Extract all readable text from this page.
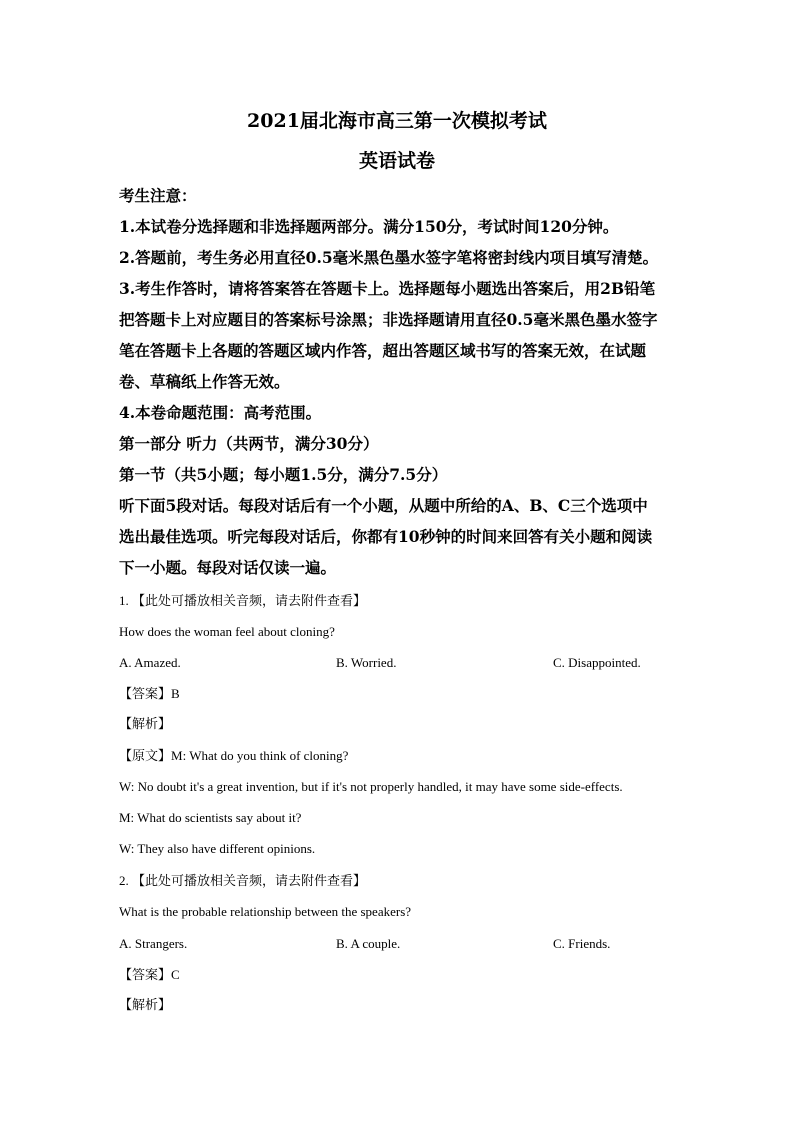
2021届北海市高三第一次模拟考试
英语试卷
考生注意：
1.本试卷分选择题和非选择题两部分。满分150分，考试时间120分钟。
2.答题前，考生务必用直径0.5毫米黑色墨水签字笔将密封线内项目填写清楚。
3.考生作答时，请将答案答在答题卡上。选择题每小题选出答案后，用2B铅笔
把答题卡上对应题目的答案标号涂黑；非选择题请用直径0.5毫米黑色墨水签字
笔在答题卡上各题的答题区域内作答，超出答题区域书写的答案无效，在试题
卷、草稿纸上作答无效。
4.本卷命题范围：高考范围。
第一部分 听力（共两节，满分30分）
第一节（共5小题；每小题1.5分，满分7.5分）
听下面5段对话。每段对话后有一个小题，从题中所给的A、B、C三个选项中
选出最佳选项。听完每段对话后，你都有10秒钟的时间来回答有关小题和阅读
下一小题。每段对话仅读一遍。
1. 【此处可播放相关音频，请去附件查看】
How does the woman feel about cloning?
A. Amazed.	B. Worried.	C. Disappointed.
【答案】B
【解析】
【原文】M: What do you think of cloning?
W: No doubt it's a great invention, but if it's not properly handled, it may have some side-effects.
M: What do scientists say about it?
W: They also have different opinions.
2. 【此处可播放相关音频，请去附件查看】
What is the probable relationship between the speakers?
A. Strangers.	B. A couple.	C. Friends.
【答案】C
【解析】
